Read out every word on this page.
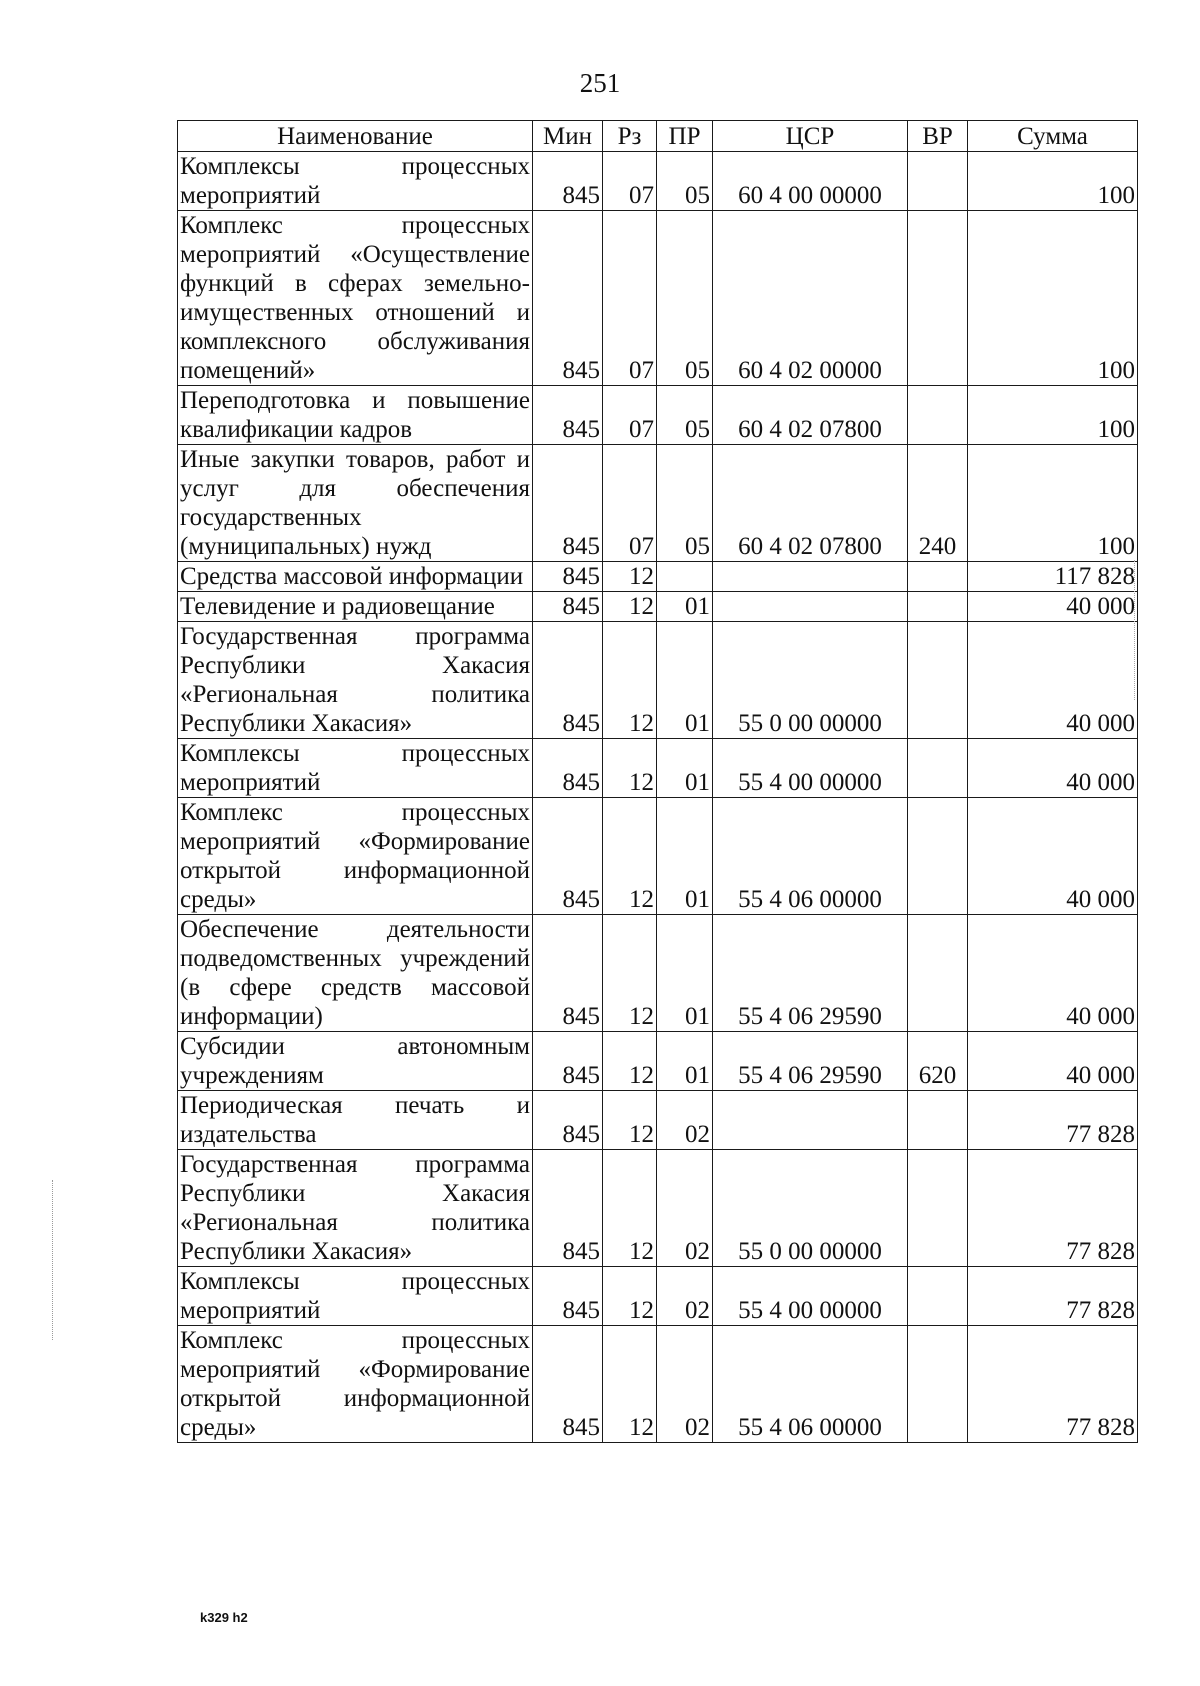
251
Наименование	Мин	Рз	ПР	ЦСР	ВР	Сумма
Комплексы процессных мероприятий	845	07	05	60 4 00 00000		100
Комплекс процессных мероприятий «Осуществление функций в сферах земельно-имущественных отношений и комплексного обслуживания помещений»	845	07	05	60 4 02 00000		100
Переподготовка и повышение квалификации кадров	845	07	05	60 4 02 07800		100
Иные закупки товаров, работ и услуг для обеспечения государственных (муниципальных) нужд	845	07	05	60 4 02 07800	240	100
Средства массовой информации	845	12				117 828
Телевидение и радиовещание	845	12	01			40 000
Государственная программа Республики Хакасия «Региональная политика Республики Хакасия»	845	12	01	55 0 00 00000		40 000
Комплексы процессных мероприятий	845	12	01	55 4 00 00000		40 000
Комплекс процессных мероприятий «Формирование открытой информационной среды»	845	12	01	55 4 06 00000		40 000
Обеспечение деятельности подведомственных учреждений (в сфере средств массовой информации)	845	12	01	55 4 06 29590		40 000
Субсидии автономным учреждениям	845	12	01	55 4 06 29590	620	40 000
Периодическая печать и издательства	845	12	02			77 828
Государственная программа Республики Хакасия «Региональная политика Республики Хакасия»	845	12	02	55 0 00 00000		77 828
Комплексы процессных мероприятий	845	12	02	55 4 00 00000		77 828
Комплекс процессных мероприятий «Формирование открытой информационной среды»	845	12	02	55 4 06 00000		77 828
k329 h2
